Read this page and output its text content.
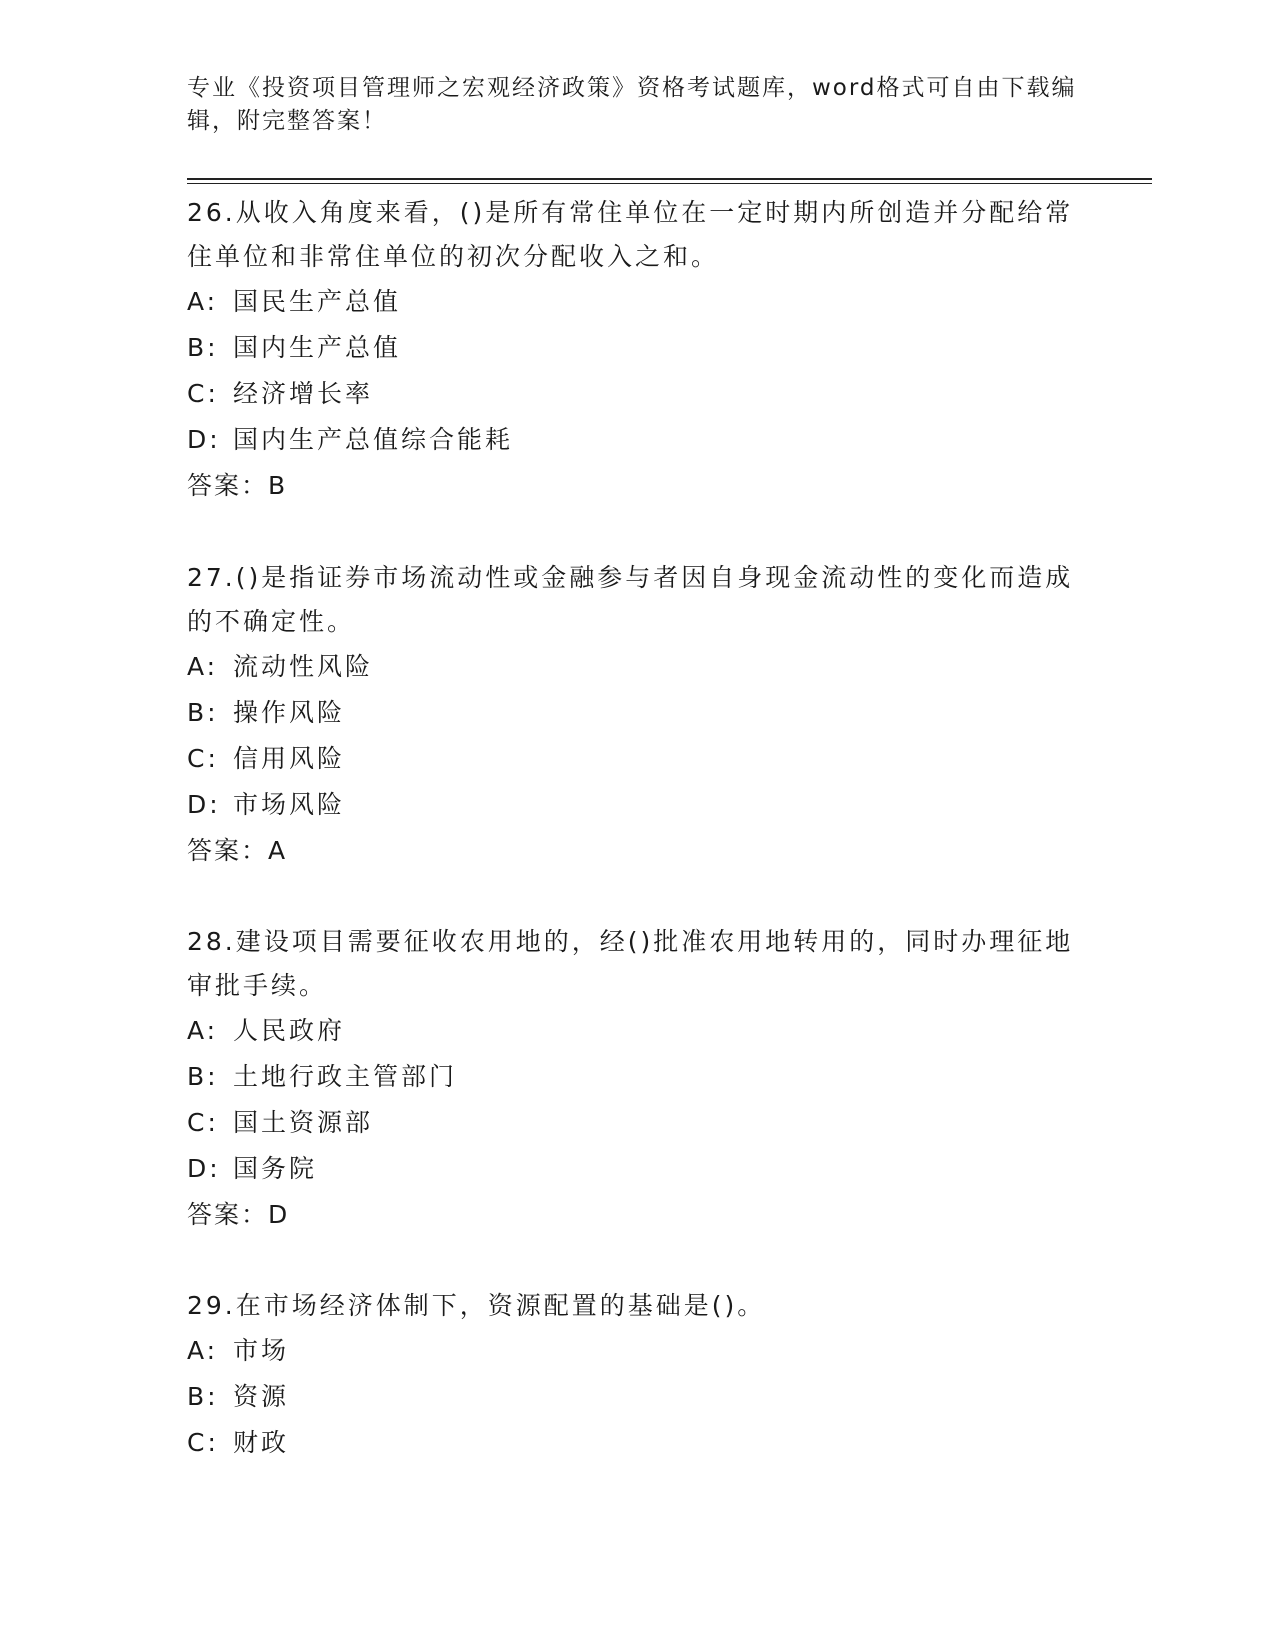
专业《投资项目管理师之宏观经济政策》资格考试题库，word格式可自由下载编辑，附完整答案！

26.从收入角度来看，()是所有常住单位在一定时期内所创造并分配给常住单位和非常住单位的初次分配收入之和。

A: 国民生产总值
B: 国内生产总值
C: 经济增长率
D: 国内生产总值综合能耗
答案：B

27.()是指证券市场流动性或金融参与者因自身现金流动性的变化而造成的不确定性。

A: 流动性风险
B: 操作风险
C: 信用风险
D: 市场风险
答案：A

28.建设项目需要征收农用地的，经()批准农用地转用的，同时办理征地审批手续。

A: 人民政府
B: 土地行政主管部门
C: 国土资源部
D: 国务院
答案：D

29.在市场经济体制下，资源配置的基础是()。

A: 市场
B: 资源
C: 财政
